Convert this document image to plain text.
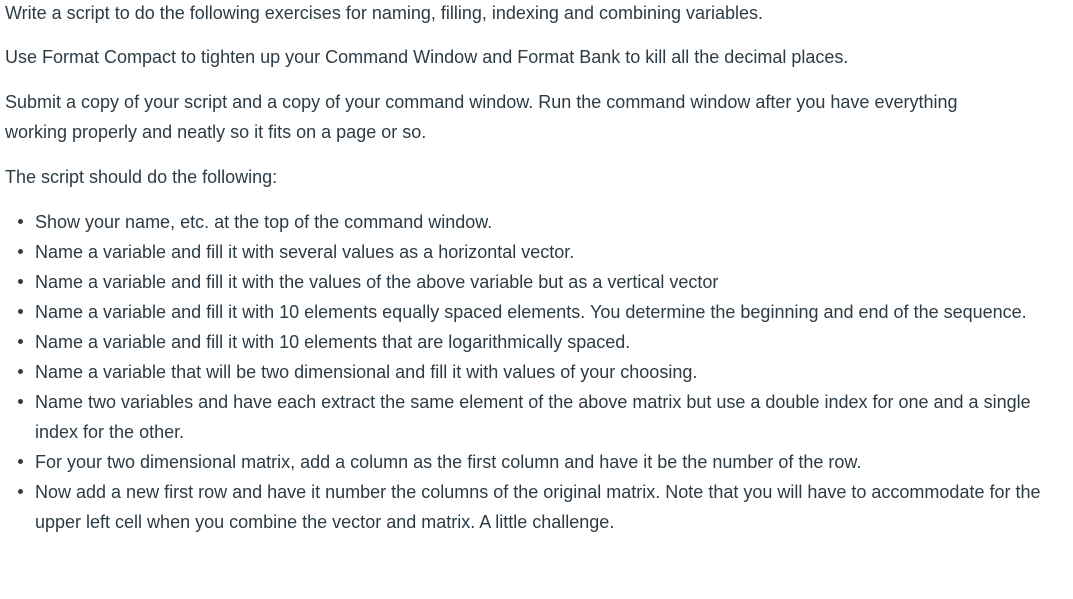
Write a script to do the following exercises for naming, filling, indexing and combining variables.

Use Format Compact to tighten up your Command Window and Format Bank to kill all the decimal places.

Submit a copy of your script and a copy of your command window. Run the command window after you have everything working properly and neatly so it fits on a page or so.

The script should do the following:

Show your name, etc. at the top of the command window.
Name a variable and fill it with several values as a horizontal vector.
Name a variable and fill it with the values of the above variable but as a vertical vector
Name a variable and fill it with 10 elements equally spaced elements. You determine the beginning and end of the sequence.
Name a variable and fill it with 10 elements that are logarithmically spaced.
Name a variable that will be two dimensional and fill it with values of your choosing.
Name two variables and have each extract the same element of the above matrix but use a double index for one and a single index for the other.
For your two dimensional matrix, add a column as the first column and have it be the number of the row.
Now add a new first row and have it number the columns of the original matrix. Note that you will have to accommodate for the upper left cell when you combine the vector and matrix. A little challenge.
